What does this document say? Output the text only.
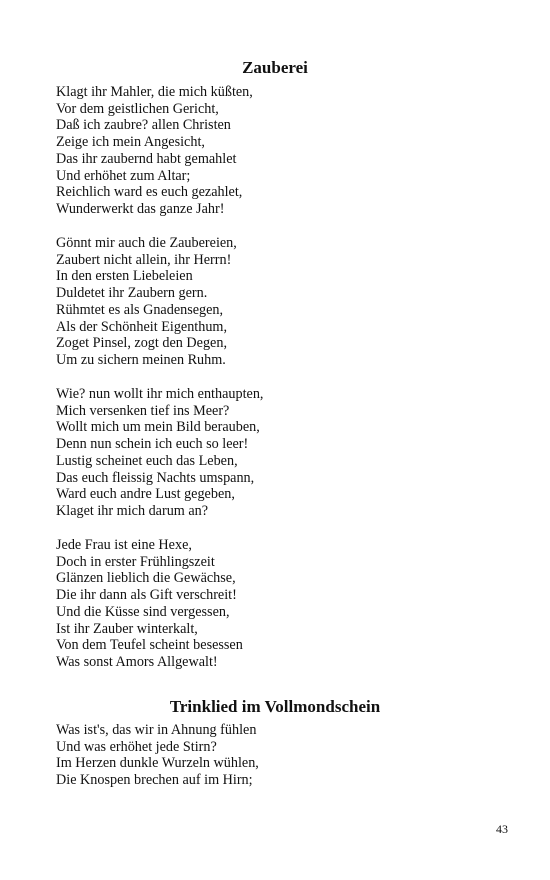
Zauberei
Klagt ihr Mahler, die mich küßten,
Vor dem geistlichen Gericht,
Daß ich zaubre? allen Christen
Zeige ich mein Angesicht,
Das ihr zaubernd habt gemahlet
Und erhöhet zum Altar;
Reichlich ward es euch gezahlet,
Wunderwerkt das ganze Jahr!
Gönnt mir auch die Zaubereien,
Zaubert nicht allein, ihr Herrn!
In den ersten Liebeleien
Duldetet ihr Zaubern gern.
Rühmtet es als Gnadensegen,
Als der Schönheit Eigenthum,
Zoget Pinsel, zogt den Degen,
Um zu sichern meinen Ruhm.
Wie? nun wollt ihr mich enthaupten,
Mich versenken tief ins Meer?
Wollt mich um mein Bild berauben,
Denn nun schein ich euch so leer!
Lustig scheinet euch das Leben,
Das euch fleissig Nachts umspann,
Ward euch andre Lust gegeben,
Klaget ihr mich darum an?
Jede Frau ist eine Hexe,
Doch in erster Frühlingszeit
Glänzen lieblich die Gewächse,
Die ihr dann als Gift verschreit!
Und die Küsse sind vergessen,
Ist ihr Zauber winterkalt,
Von dem Teufel scheint besessen
Was sonst Amors Allgewalt!
Trinklied im Vollmondschein
Was ist's, das wir in Ahnung fühlen
Und was erhöhet jede Stirn?
Im Herzen dunkle Wurzeln wühlen,
Die Knospen brechen auf im Hirn;
43
